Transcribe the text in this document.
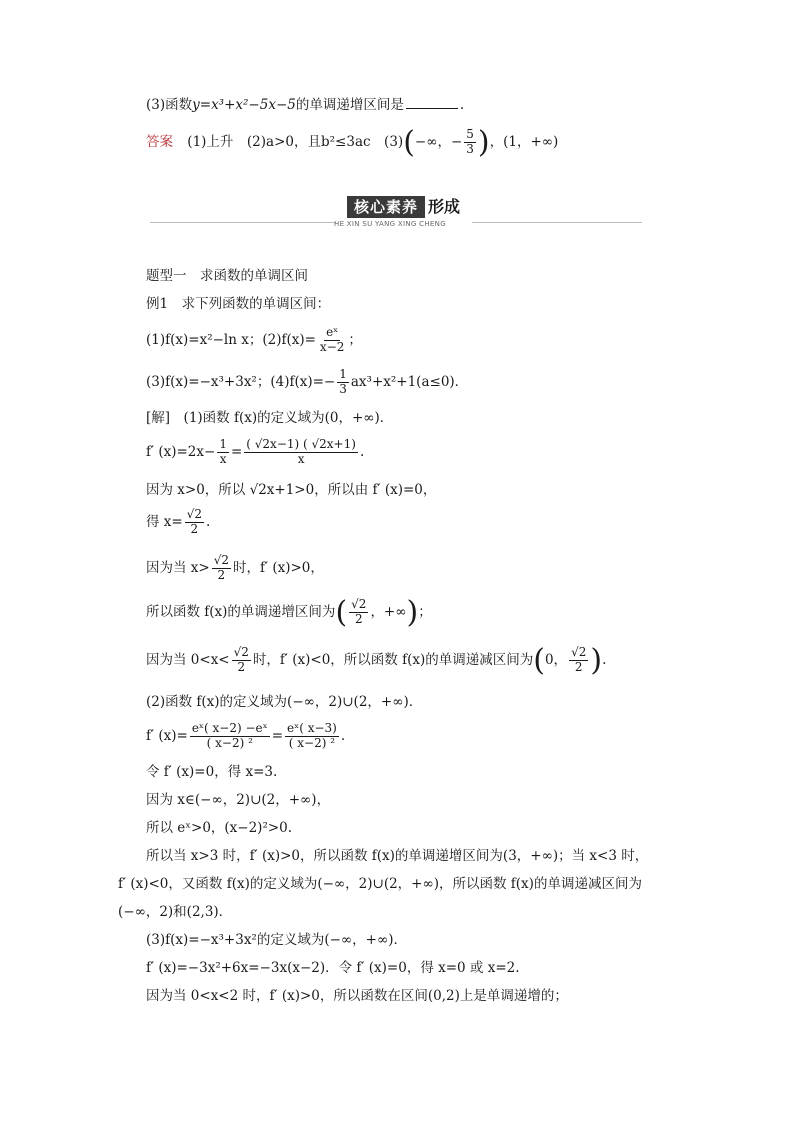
(3)函数y=x³+x²−5x−5的单调递增区间是	.
答案 (1)上升　(2)a>0，且b²≤3ac　(3)(−∞，− $\frac{5}{3}$ )，(1，+∞)
核心素养 形成
HE XIN SU YANG XING CHENG
题型一　求函数的单调区间
例1　求下列函数的单调区间：
(1)f(x)=x²−ln x；$(2)f(x)= \frac{\text{eˣ}}{x-2}$ ；
(3)f(x)=−x³+3x²；$(4)f(x)=- \frac{1}{3} ax^3+x^2+1(a\le 0)$．
[解]　 (1)函数 f(x)的定义域为(0，+∞)．
f′ $(x)=2x- \frac{1}{x} = \frac{( √2x-1) ( √2x+1)}{x}$ .
因为 x>0，所以 √2x+1>0，所以由 f′ (x)=0，
得 $x= \frac{√2}{2}$ .
因为当 $x> \frac{√2}{2}$ 时，f′ (x)>0，
所以函数 f(x)的单调递增区间为( $\frac{√2}{2}$ ，+∞)；
因为当 $0<x< \frac{√2}{2}$ 时，f′ (x)<0，所以函数 f(x)的单调递减区间为(0， $\frac{√2}{2}$ ).
(2)函数 f(x)的定义域为(−∞，2)∪(2，+∞)．
f′ $(x)= \frac{\text{eˣ( x−2) −eˣ}}{\text{( x−2) ²}} = \frac{\text{eˣ( x−3)}}{\text{( x−2) ²}}$ .
令 f′ (x)=0，得 x=3.
因为 x∈(−∞，2)∪(2，+∞)，
所以 eˣ>0，(x−2)²>0.
所以当 x>3 时，f′ (x)>0，所以函数 f(x)的单调递增区间为(3，+∞)；当 x<3 时，
f′ (x)<0，又函数 f(x)的定义域为(−∞，2)∪(2，+∞)，所以函数 f(x)的单调递减区间为
(−∞，2)和(2,3)．
(3)f(x)=−x³+3x²的定义域为(−∞，+∞)．
f′ (x)=−3x²+6x=−3x(x−2)．令 f′ (x)=0，得 x=0 或 x=2.
因为当 0<x<2 时，f′ (x)>0，所以函数在区间(0,2)上是单调递增的；
